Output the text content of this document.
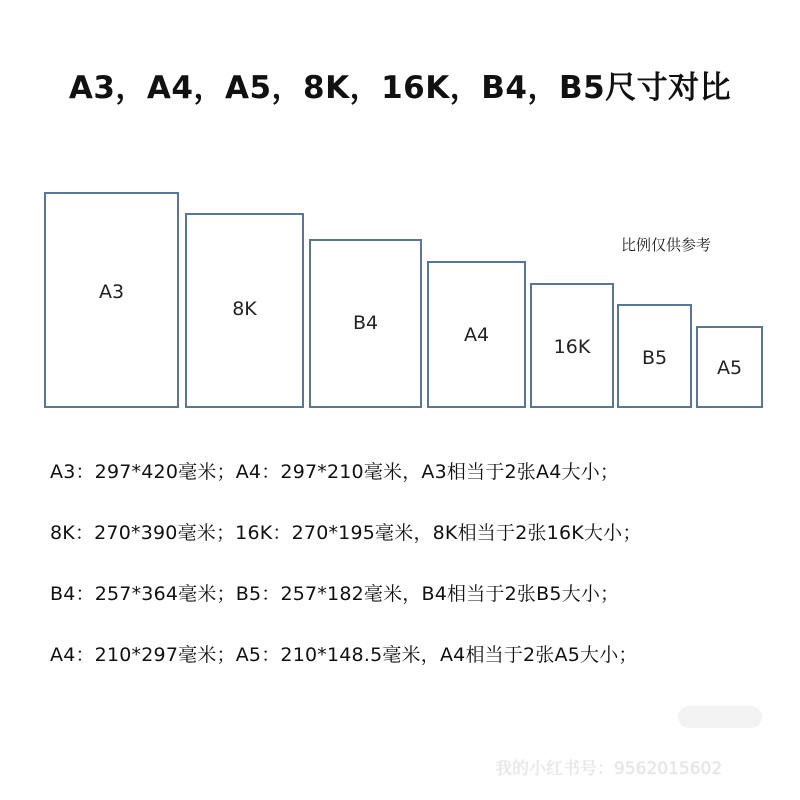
A3，A4，A5，8K，16K，B4，B5尺寸对比
比例仅供参考
A3
8K
B4
A4
16K	B5	A5
A3：297*420毫米；A4：297*210毫米，A3相当于2张A4大小；
8K：270*390毫米；16K：270*195毫米，8K相当于2张16K大小；
B4：257*364毫米；B5：257*182毫米，B4相当于2张B5大小；
A4：210*297毫米；A5：210*148.5毫米，A4相当于2张A5大小；
我的小红书号：9562015602
